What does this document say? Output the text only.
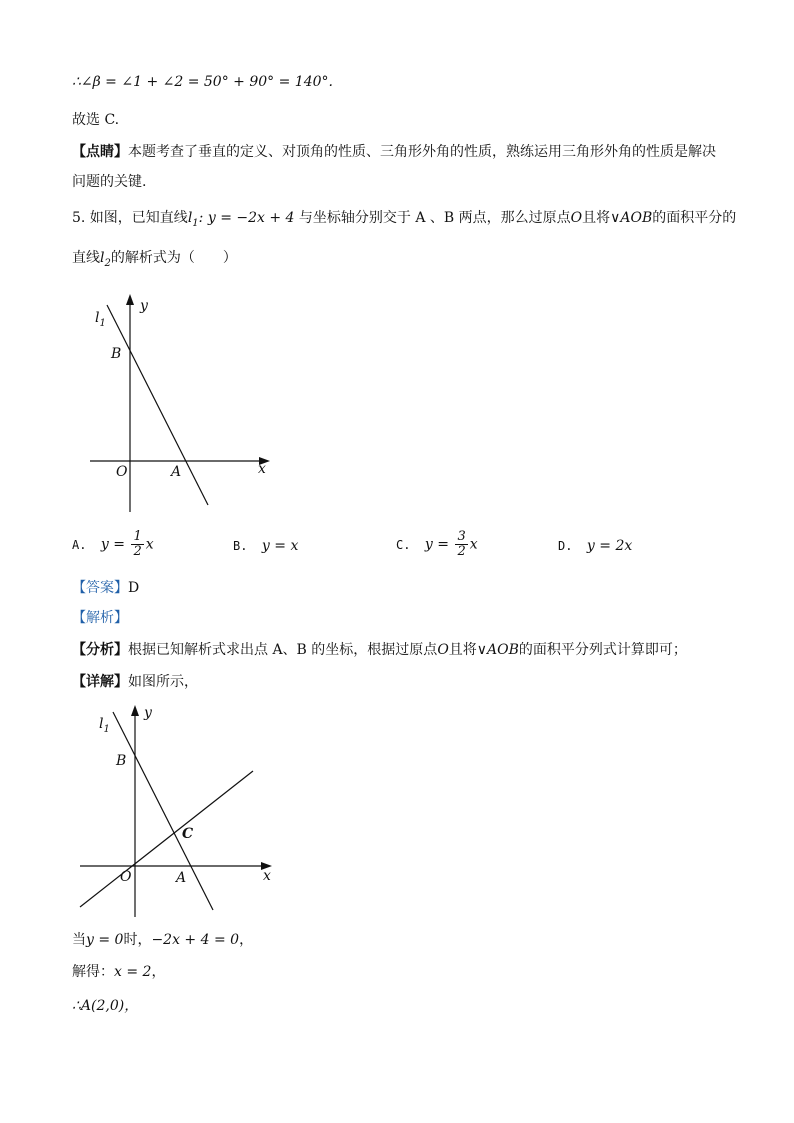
∴∠β = ∠1 + ∠2 = 50° + 90° = 140°.
故选 C.
【点睛】本题考查了垂直的定义、对顶角的性质、三角形外角的性质，熟练运用三角形外角的性质是解决
问题的关键.
5. 如图，已知直线$l_1$: y = −2x + 4 与坐标轴分别交于 A 、B 两点，那么过原点O且将∨AOB的面积平分的
直线$l_2$的解析式为（　　）
y
$l_1$
B
O	A	x
A. $y = \frac{1}{2}$ x	B. y = x	C. $y = \frac{3}{2}$ x	D. y = 2x
【答案】D
【解析】
【分析】根据已知解析式求出点 A、B 的坐标，根据过原点O且将∨AOB的面积平分列式计算即可；
【详解】如图所示，
y
$l_1$
B
C
O	A	x
当y = 0时，−2x + 4 = 0，
解得：x = 2，
∴A(2,0)，
